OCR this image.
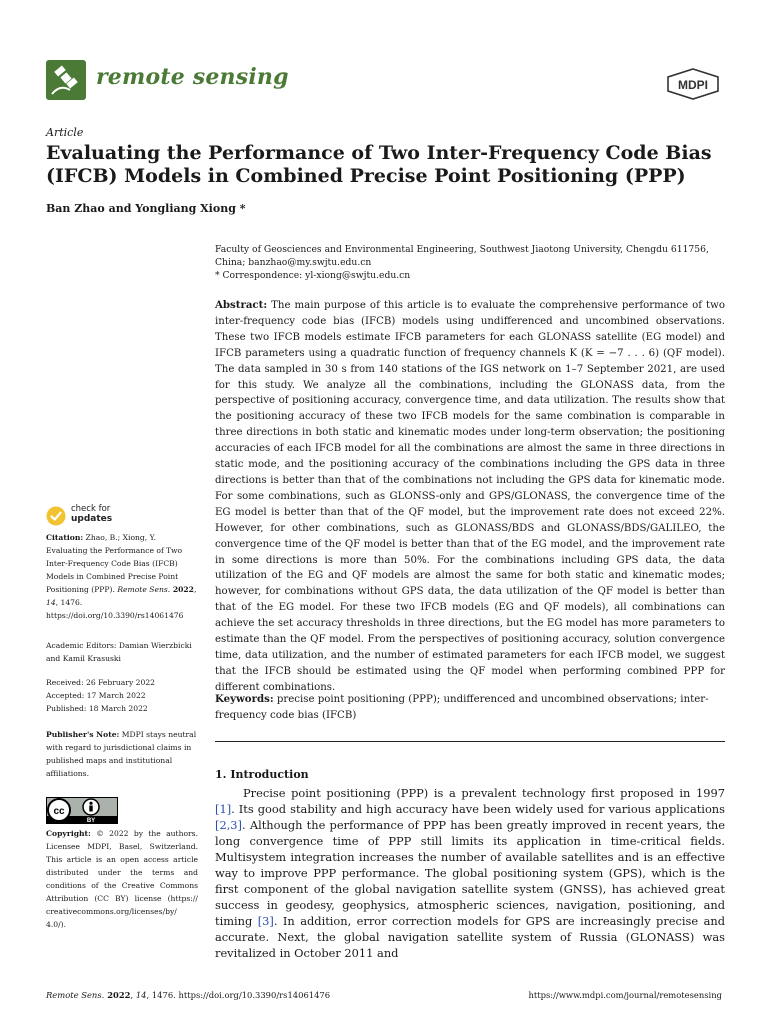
remote sensing	MDPI
Article
Evaluating the Performance of Two Inter-Frequency Code Bias (IFCB) Models in Combined Precise Point Positioning (PPP)
Ban Zhao and Yongliang Xiong *
Faculty of Geosciences and Environmental Engineering, Southwest Jiaotong University, Chengdu 611756, China; banzhao@my.swjtu.edu.cn
* Correspondence: yl-xiong@swjtu.edu.cn

Abstract: The main purpose of this article is to evaluate the comprehensive performance of two inter-frequency code bias (IFCB) models using undifferenced and uncombined observations. These two IFCB models estimate IFCB parameters for each GLONASS satellite (EG model) and IFCB parameters using a quadratic function of frequency channels K (K = −7 . . . 6) (QF model). The data sampled in 30 s from 140 stations of the IGS network on 1–7 September 2021, are used for this study. We analyze all the combinations, including the GLONASS data, from the perspective of positioning accuracy, convergence time, and data utilization. The results show that the positioning accuracy of these two IFCB models for the same combination is comparable in three directions in both static and kinematic modes under long-term observation; the positioning accuracies of each IFCB model for all the combinations are almost the same in three directions in static mode, and the positioning accuracy of the combinations including the GPS data in three directions is better than that of the combinations not including the GPS data for kinematic mode. For some combinations, such as GLONSS-only and GPS/GLONASS, the convergence time of the EG model is better than that of the QF model, but the improvement rate does not exceed 22%. However, for other combinations, such as GLONASS/BDS and GLONASS/BDS/GALILEO, the convergence time of the QF model is better than that of the EG model, and the improvement rate in some directions is more than 50%. For the combinations including GPS data, the data utilization of the EG and QF models are almost the same for both static and kinematic modes; however, for combinations without GPS data, the data utilization of the QF model is better than that of the EG model. For these two IFCB models (EG and QF models), all combinations can achieve the set accuracy thresholds in three directions, but the EG model has more parameters to estimate than the QF model. From the perspectives of positioning accuracy, solution convergence time, data utilization, and the number of estimated parameters for each IFCB model, we suggest that the IFCB should be estimated using the QF model when performing combined PPP for different combinations.

Keywords: precise point positioning (PPP); undifferenced and uncombined observations; inter-frequency code bias (IFCB)

1. Introduction

Precise point positioning (PPP) is a prevalent technology first proposed in 1997 [1]. Its good stability and high accuracy have been widely used for various applications [2,3]. Although the performance of PPP has been greatly improved in recent years, the long convergence time of PPP still limits its application in time-critical fields. Multisystem integration increases the number of available satellites and is an effective way to improve PPP performance. The global positioning system (GPS), which is the first component of the global navigation satellite system (GNSS), has achieved great success in geodesy, geophysics, atmospheric sciences, navigation, positioning, and timing [3]. In addition, error correction models for GPS are increasingly precise and accurate. Next, the global navigation satellite system of Russia (GLONASS) was revitalized in October 2011 and

check for
updates

Citation: Zhao, B.; Xiong, Y. Evaluating the Performance of Two Inter-Frequency Code Bias (IFCB) Models in Combined Precise Point Positioning (PPP). Remote Sens. 2022, 14, 1476. https://doi.org/10.3390/rs14061476

Academic Editors: Damian Wierzbicki and Kamil Krasuski

Received: 26 February 2022
Accepted: 17 March 2022
Published: 18 March 2022

Publisher's Note: MDPI stays neutral with regard to jurisdictional claims in published maps and institutional affiliations.

cc
BY

Copyright: © 2022 by the authors. Licensee MDPI, Basel, Switzerland. This article is an open access article distributed under the terms and conditions of the Creative Commons Attribution (CC BY) license (https:// creativecommons.org/licenses/by/ 4.0/).

Remote Sens. 2022, 14, 1476. https://doi.org/10.3390/rs14061476	https://www.mdpi.com/journal/remotesensing
